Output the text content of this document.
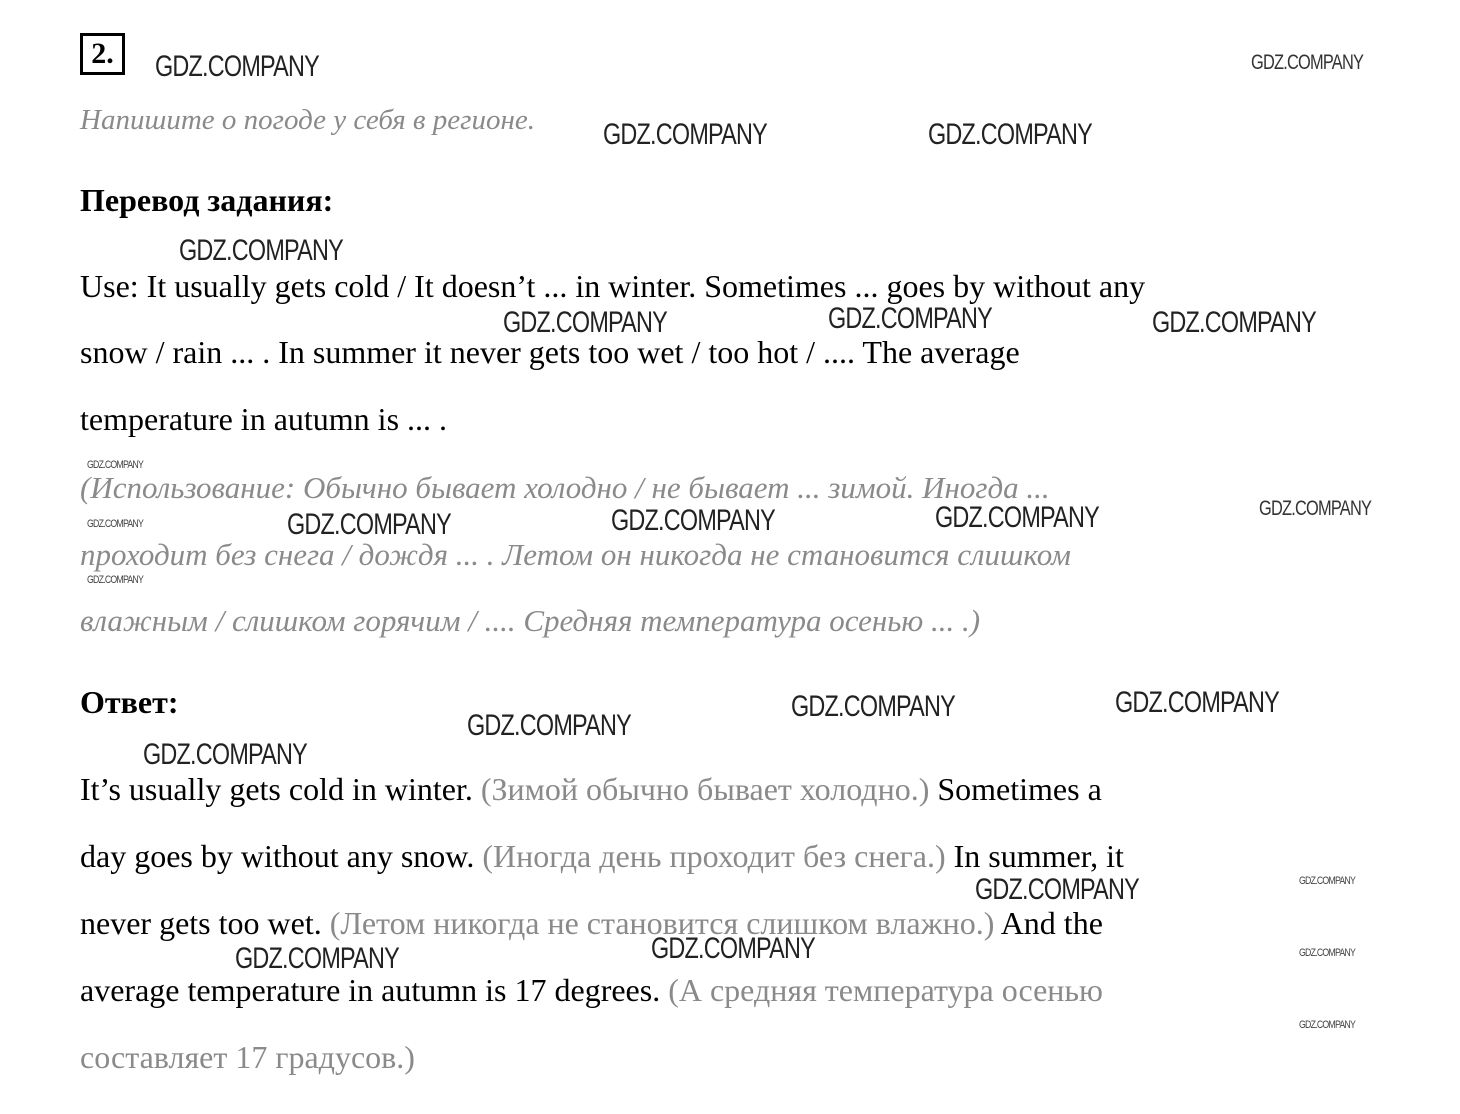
2.
Напишите о погоде у себя в регионе.
Перевод задания:
Use: It usually gets cold / It doesn’t ... in winter. Sometimes ... goes by without any
snow / rain ... . In summer it never gets too wet / too hot / .... The average
temperature in autumn is ... .
(Использование: Обычно бывает холодно / не бывает ... зимой. Иногда ...
проходит без снега / дождя ... . Летом он никогда не становится слишком
влажным / слишком горячим / .... Средняя температура осенью ... .)
Ответ:
It’s usually gets cold in winter. (Зимой обычно бывает холодно.) Sometimes a
day goes by without any snow. (Иногда день проходит без снега.) In summer, it
never gets too wet. (Летом никогда не становится слишком влажно.) And the
average temperature in autumn is 17 degrees. (А средняя температура осенью
составляет 17 градусов.)
GDZ.COMPANY	GDZ.COMPANY
GDZ.COMPANY	GDZ.COMPANY
GDZ.COMPANY
GDZ.COMPANY	GDZ.COMPANY	GDZ.COMPANY
GDZ.COMPANY
GDZ.COMPANY
GDZ.COMPANY
GDZ.COMPANY	GDZ.COMPANY	GDZ.COMPANY	GDZ.COMPANY
GDZ.COMPANY	GDZ.COMPANY
GDZ.COMPANY
GDZ.COMPANY
GDZ.COMPANY
GDZ.COMPANY
GDZ.COMPANY
GDZ.COMPANY	GDZ.COMPANY
GDZ.COMPANY
